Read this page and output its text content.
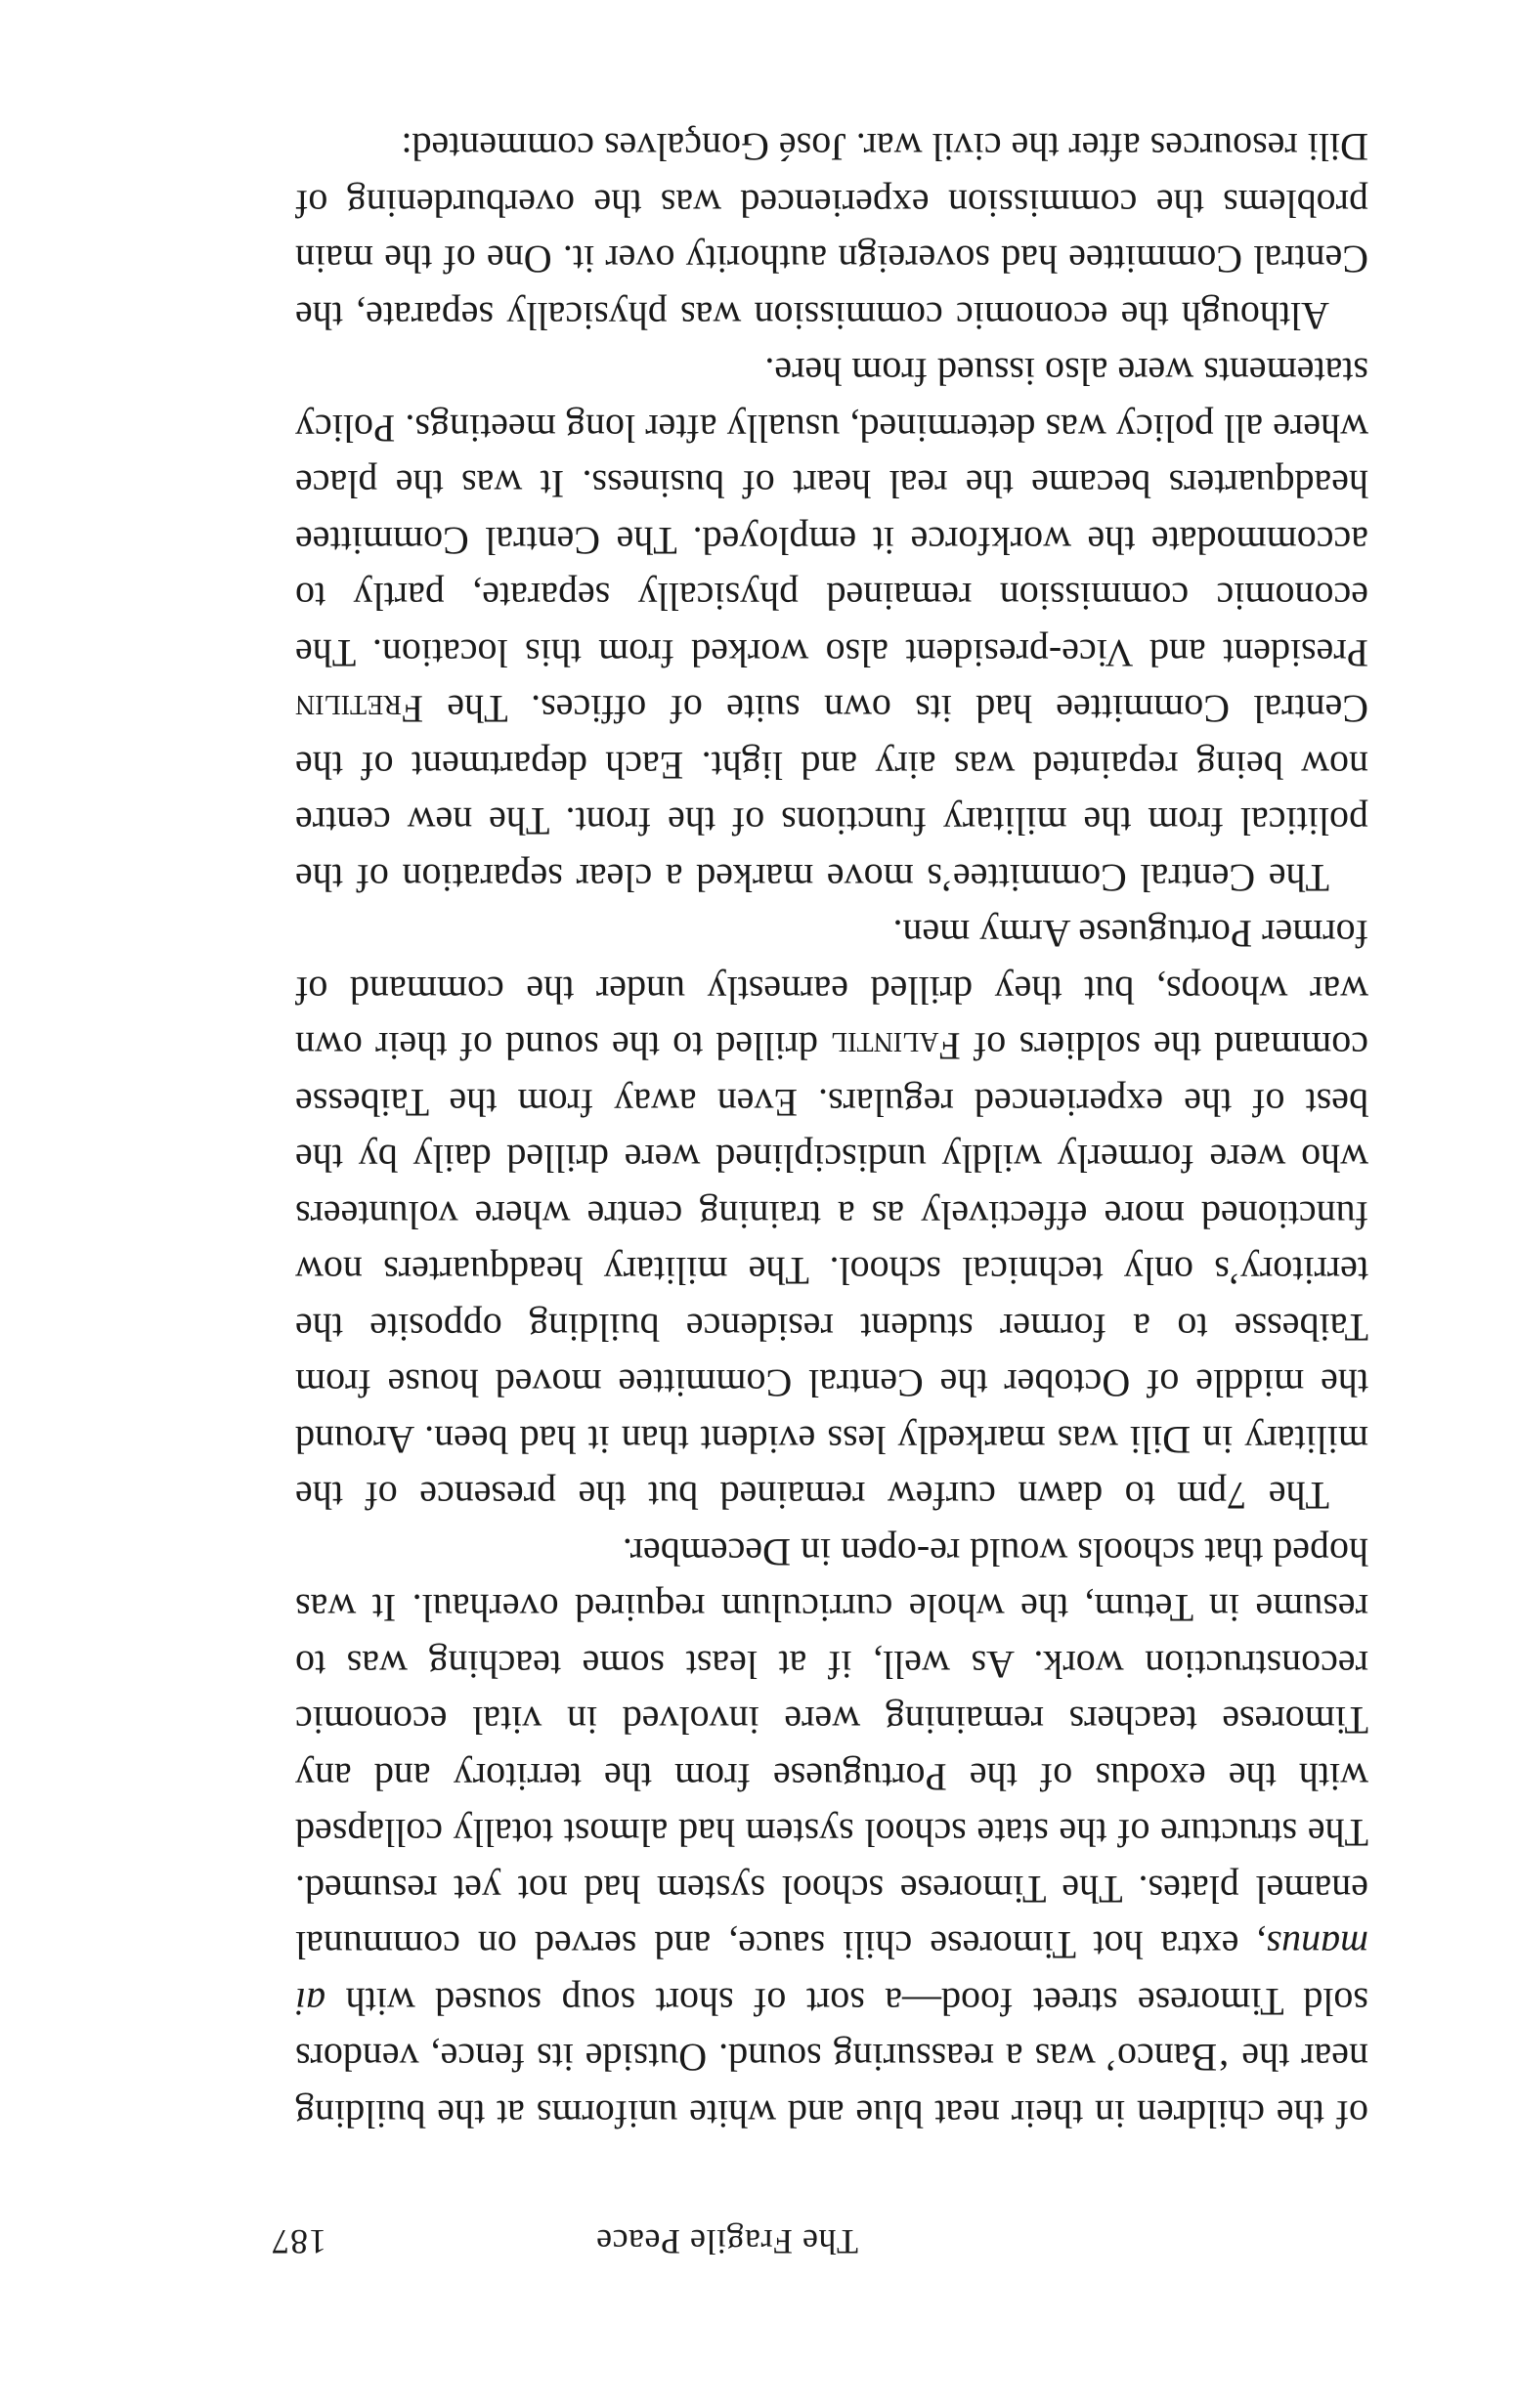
The Fragile Peace
187

of the children in their neat blue and white uniforms at the building near the ‘Banco’ was a reassuring sound. Outside its fence, vendors sold Timorese street food—a sort of short soup soused with ai manus, extra hot Timorese chili sauce, and served on communal enamel plates. The Timorese school system had not yet resumed. The structure of the state school system had almost totally collapsed with the exodus of the Portuguese from the territory and any Timorese teachers remaining were involved in vital economic reconstruction work. As well, if at least some teaching was to resume in Tetum, the whole curriculum required overhaul. It was hoped that schools would re-open in December.

The 7pm to dawn curfew remained but the presence of the military in Dili was markedly less evident than it had been. Around the middle of October the Central Committee moved house from Taibesse to a former student residence building opposite the territory’s only technical school. The military headquarters now functioned more effectively as a training centre where volunteers who were formerly wildly undisciplined were drilled daily by the best of the experienced regulars. Even away from the Taibesse command the soldiers of Falintil drilled to the sound of their own war whoops, but they drilled earnestly under the command of former Portuguese Army men.

The Central Committee’s move marked a clear separation of the political from the military functions of the front. The new centre now being repainted was airy and light. Each department of the Central Committee had its own suite of offices. The Fretilin President and Vice-president also worked from this location. The economic commission remained physically separate, partly to accommodate the workforce it employed. The Central Committee headquarters became the real heart of business. It was the place where all policy was determined, usually after long meetings. Policy statements were also issued from here.

Although the economic commission was physically separate, the Central Committee had sovereign authority over it. One of the main problems the commission experienced was the overburdening of Dili resources after the civil war. José Gonçalves commented:
